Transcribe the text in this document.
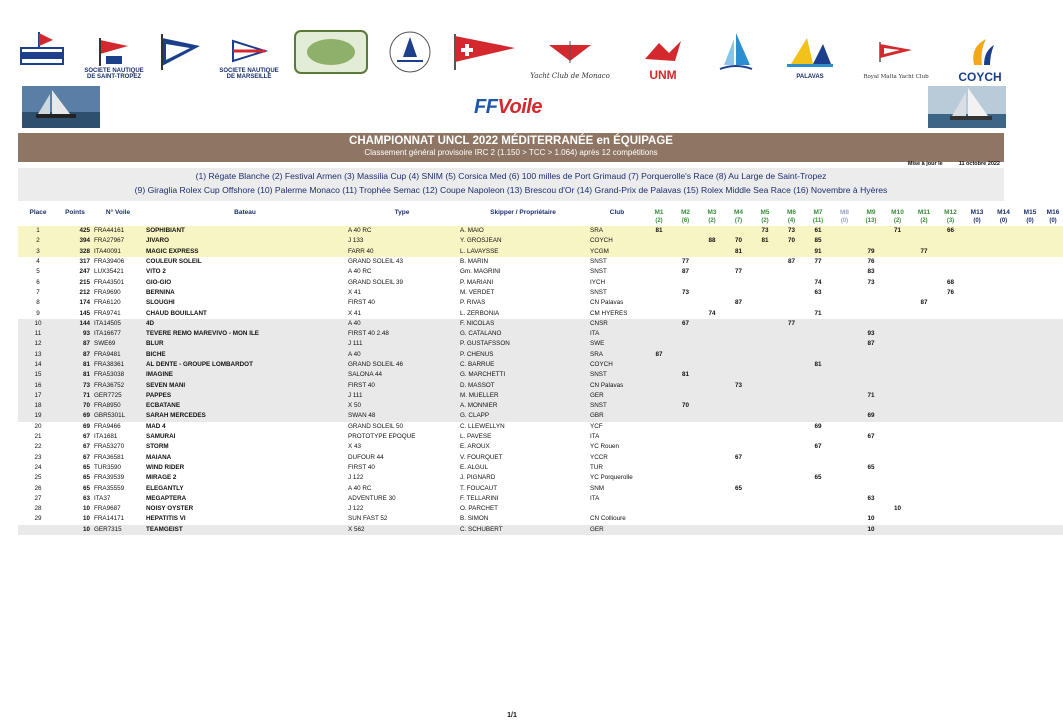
SOCIETE NAUTIQUE DE SAINT-TROPEZ
SOCIETE NAUTIQUE DE MARSEILLE	Yacht Club de Monaco	UNM	PALAVAS	Royal Malta Yacht Club	COYCH
FFVoile
CHAMPIONNAT UNCL 2022 MÉDITERRANÉE en ÉQUIPAGE
Classement général provisoire IRC 2 (1.150 > TCC > 1.064) après 12 compétitions
Mise à jour le	11 octobre 2022
(1) Régate Blanche (2) Festival Armen (3) Massilia Cup (4) SNIM (5) Corsica Med (6) 100 milles de Port Grimaud (7) Porquerolle's Race (8) Au Large de Saint-Tropez
(9) Giraglia Rolex Cup Offshore (10) Palerme Monaco (11) Trophée Semac (12) Coupe Napoleon (13) Brescou d'Or (14) Grand-Prix de Palavas (15) Rolex Middle Sea Race (16) Novembre à Hyères
Place	Points	N° Voile	Bateau	Type	Skipper / Propriétaire	Club	M1	M2	M3	M4	M5	M6	M7	M8	M9	M10	M11	M12	M13	M14	M15	M16
							(2)	(6)	(2)	(7)	(2)	(4)	(11)	(0)	(13)	(2)	(2)	(3)	(0)	(0)	(0)	(0)
1	425	FRA44161	SOPHIBIANT	A 40 RC	A. MAIO	SRA	81				73	73	61			71		66				
2	394	FRA27967	JIVARO	J 133	Y. GROSJEAN	COYCH			88	70	81	70	85									
3	328	ITA40091	MAGIC EXPRESS	FARR 40	L. LAVAYSSE	YCGM				81			91		79		77					
4	317	FRA39406	COULEUR SOLEIL	GRAND SOLEIL 43	B. MARIN	SNST		77				87	77		76							
5	247	LUX35421	VITO 2	A 40 RC	Gm. MAGRINI	SNST		87		77					83							
6	215	FRA43501	GIO-GIO	GRAND SOLEIL 39	P. MARIANI	IYCH							74		73			68				
7	212	FRA9690	BERNINA	X 41	M. VERDET	SNST		73					63					76				
8	174	FRA6120	SLOUGHI	FIRST 40	P. RIVAS	CN Palavas				87							87					
9	145	FRA9741	CHAUD BOUILLANT	X 41	L. ZERBONIA	CM HYERES			74				71									
10	144	ITA14505	4D	A 40	F. NICOLAS	CNSR		67				77										
11	93	ITA16677	TEVERE REMO MAREVIVO - MON ILE	FIRST 40 2.48	G. CATALANO	ITA									93							
12	87	SWE69	BLUR	J 111	P. GUSTAFSSON	SWE									87							
13	87	FRA9481	BICHE	A 40	P. CHENUS	SRA	87															
14	81	FRA38361	AL DENTE - GROUPE LOMBARDOT	GRAND SOLEIL 46	C. BARRUE	COYCH							81									
15	81	FRA53038	IMAGINE	SALONA 44	G. MARCHETTI	SNST		81														
16	73	FRA36752	SEVEN MANI	FIRST 40	D. MASSOT	CN Palavas				73												
17	71	GER7725	PAPPES	J 111	M. MUELLER	GER									71							
18	70	FRA8950	ECBATANE	X 50	A. MONNIER	SNST		70														
19	69	GBR5301L	SARAH MERCEDES	SWAN 48	G. CLAPP	GBR									69							
20	69	FRA9466	MAD 4	GRAND SOLEIL 50	C. LLEWELLYN	YCF							69									
21	67	ITA1681	SAMURAI	PROTOTYPE EPOQUE	L. PAVESE	ITA									67							
22	67	FRA53270	STORM	X 43	E. AROUX	YC Rouen							67									
23	67	FRA36581	MAIANA	DUFOUR 44	V. FOURQUET	YCCR				67												
24	65	TUR3590	WIND RIDER	FIRST 40	E. ALGUL	TUR									65							
25	65	FRA39539	MIRAGE 2	J 122	J. PIGNARD	YC Porquerolle							65									
26	65	FRA35559	ELEGANTLY	A 40 RC	T. FOUCAUT	SNM				65												
27	63	ITA37	MEGAPTERA	ADVENTURE 30	F. TELLARINI	ITA									63							
28	10	FRA9687	NOISY OYSTER	J 122	O. PARCHET											10						
29	10	FRA14171	HEPATITIS VI	SUN FAST 52	B. SIMON	CN Collioure									10							
	10	GER7315	TEAMGEIST	X 562	C. SCHUBERT	GER									10							
1/1
